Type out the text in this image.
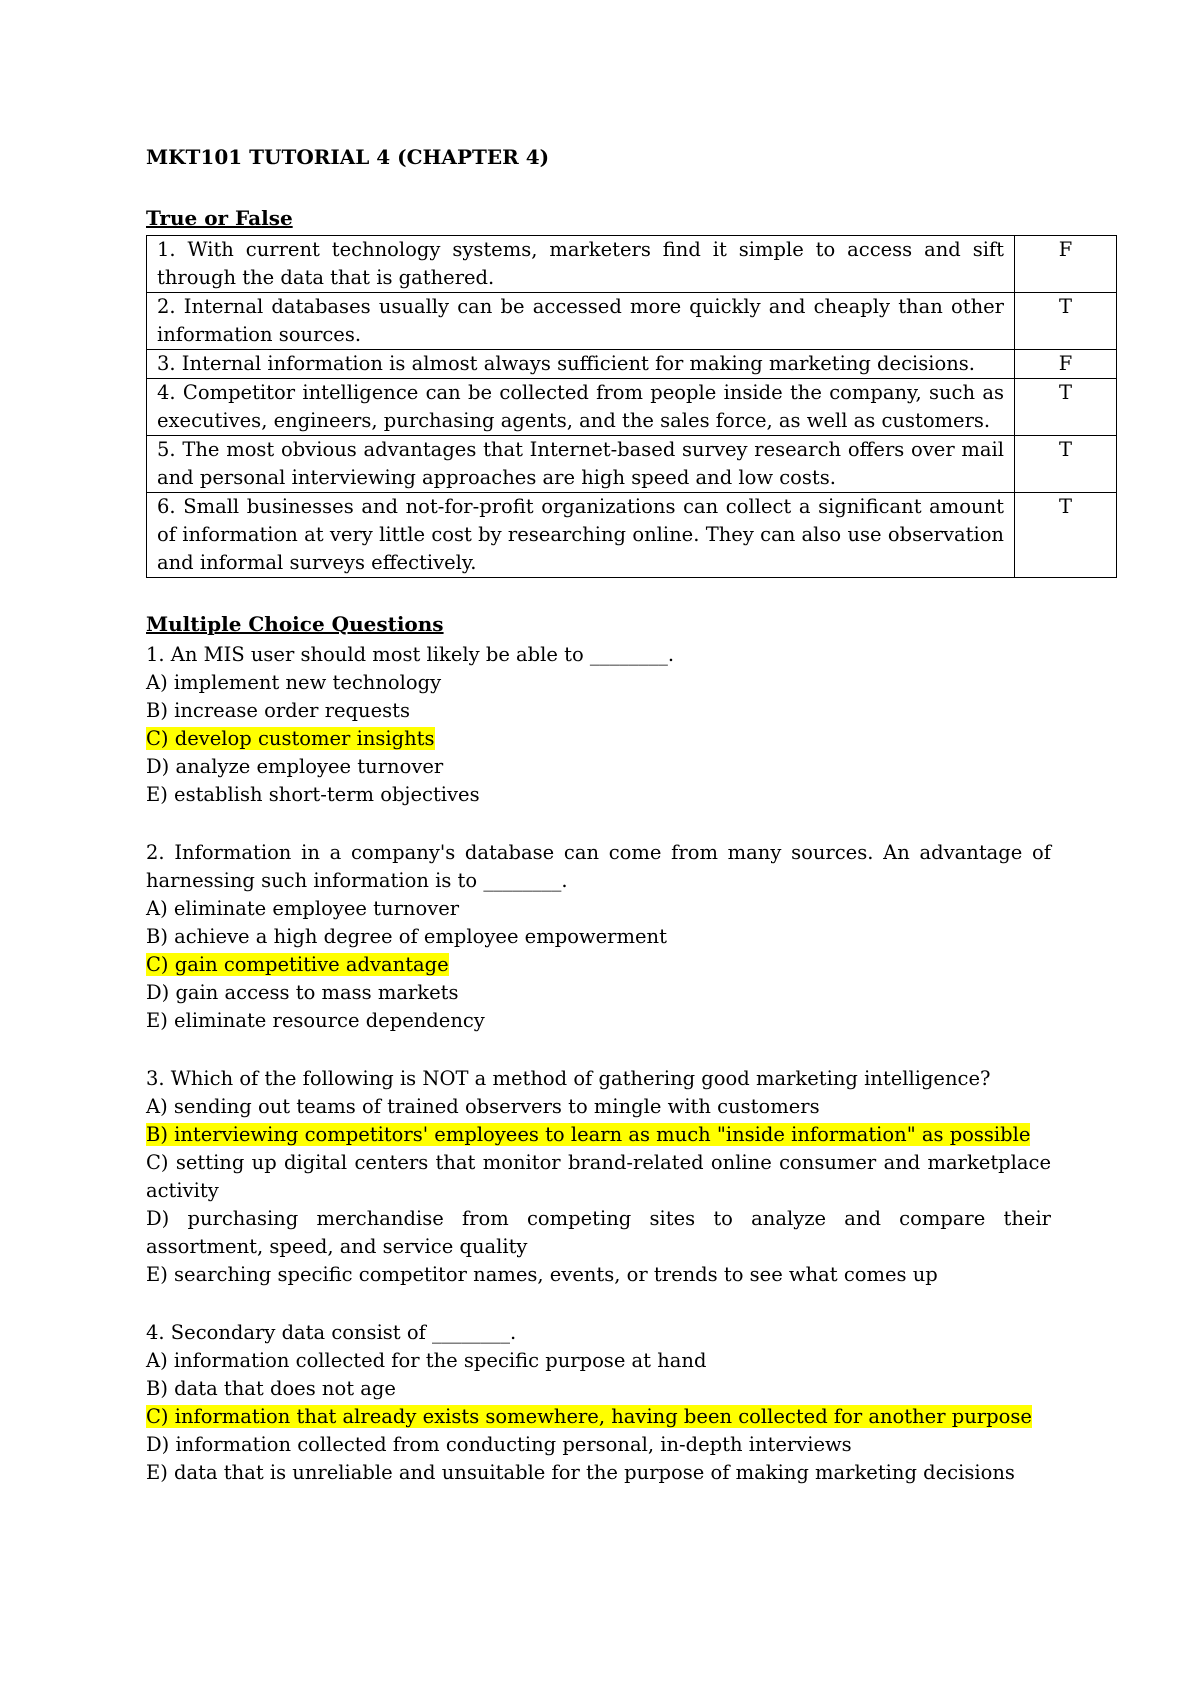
MKT101 TUTORIAL 4 (CHAPTER 4)
True or False
1. With current technology systems, marketers find it simple to access and sift through the data that is gathered.	F
2. Internal databases usually can be accessed more quickly and cheaply than other information sources.	T
3. Internal information is almost always sufficient for making marketing decisions.	F
4. Competitor intelligence can be collected from people inside the company, such as executives, engineers, purchasing agents, and the sales force, as well as customers.	T
5. The most obvious advantages that Internet-based survey research offers over mail and personal interviewing approaches are high speed and low costs.	T
6. Small businesses and not-for-profit organizations can collect a significant amount of information at very little cost by researching online. They can also use observation and informal surveys effectively.	T
Multiple Choice Questions

1. An MIS user should most likely be able to ________.

A) implement new technology
B) increase order requests
C) develop customer insights
D) analyze employee turnover
E) establish short-term objectives

2. Information in a company's database can come from many sources. An advantage of harnessing such information is to ________.

A) eliminate employee turnover
B) achieve a high degree of employee empowerment
C) gain competitive advantage
D) gain access to mass markets
E) eliminate resource dependency

3. Which of the following is NOT a method of gathering good marketing intelligence?

A) sending out teams of trained observers to mingle with customers
B) interviewing competitors' employees to learn as much "inside information" as possible
C) setting up digital centers that monitor brand-related online consumer and marketplace activity
D) purchasing merchandise from competing sites to analyze and compare their assortment, speed, and service quality
E) searching specific competitor names, events, or trends to see what comes up

4. Secondary data consist of ________.

A) information collected for the specific purpose at hand
B) data that does not age
C) information that already exists somewhere, having been collected for another purpose
D) information collected from conducting personal, in-depth interviews
E) data that is unreliable and unsuitable for the purpose of making marketing decisions
